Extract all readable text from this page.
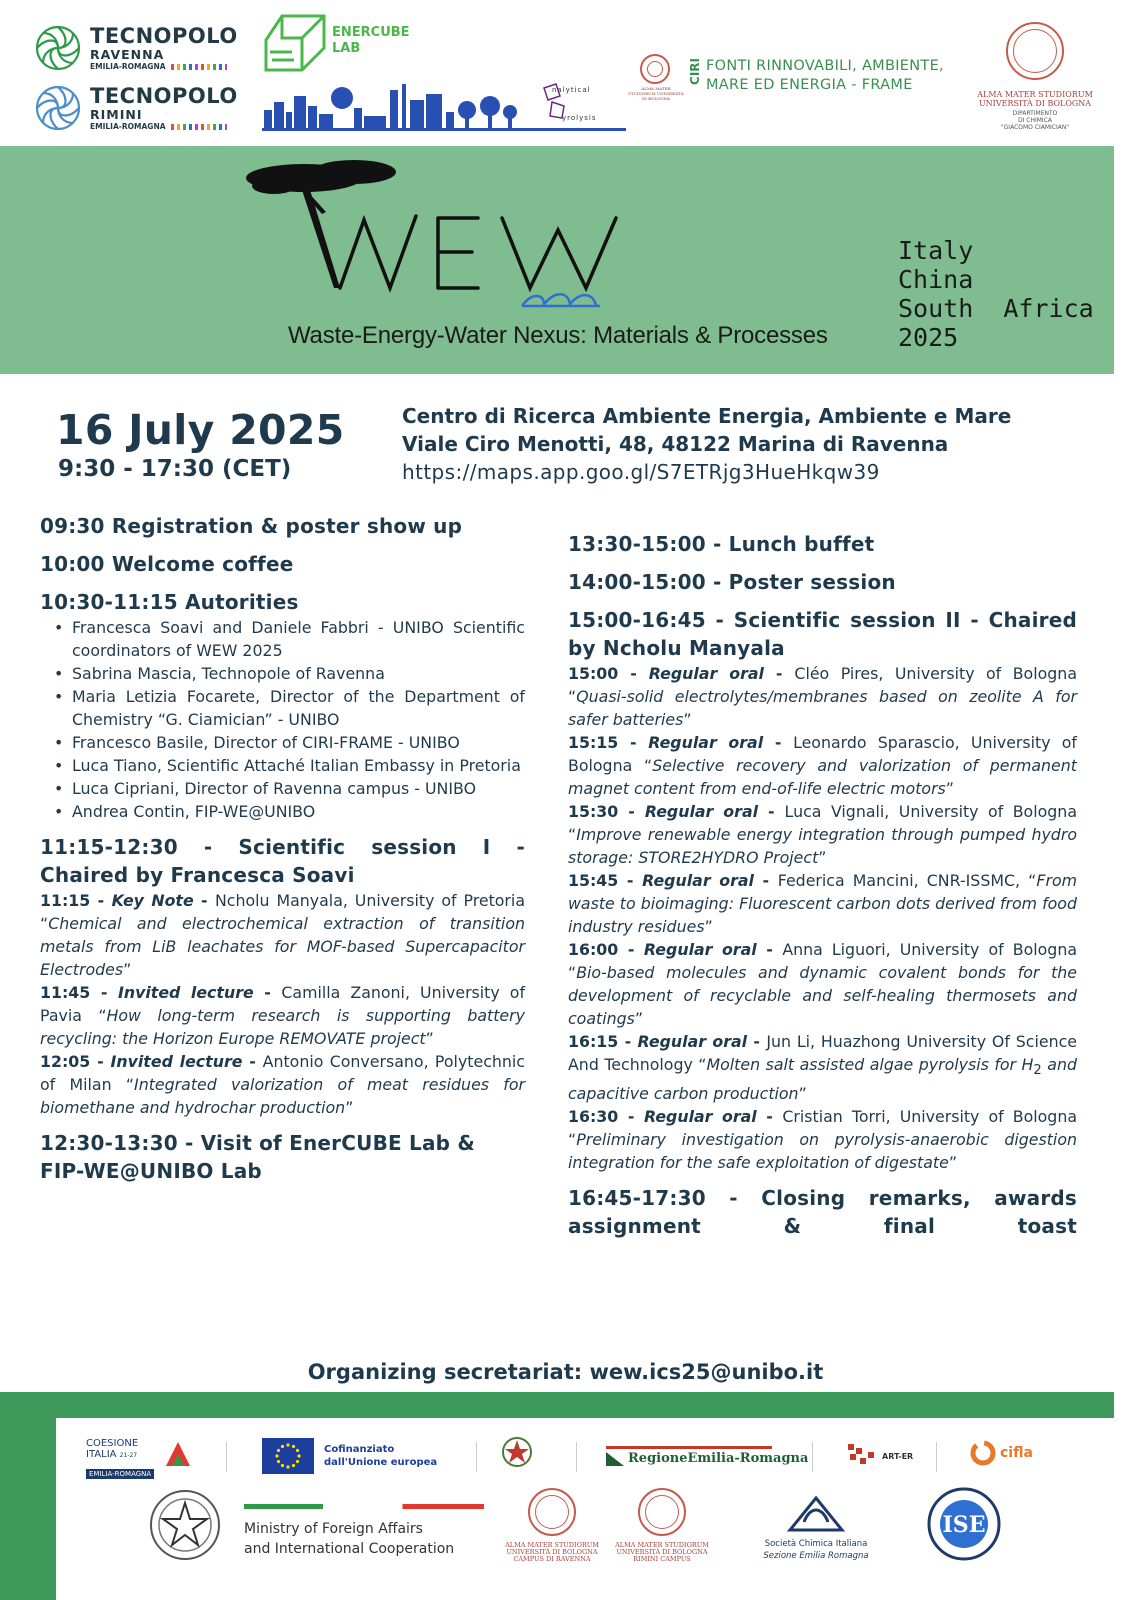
TECNOPOLO
RAVENNA
EMILIA-ROMAGNA
TECNOPOLO
RIMINI
EMILIA-ROMAGNA
ENERCUBE
LAB
nalytical
yrolysis
ALMA MATER STUDIORUM UNIVERSITÀ DI BOLOGNA
CIRI FONTI RINNOVABILI, AMBIENTE,
MARE ED ENERGIA - FRAME
ALMA MATER STUDIORUM
UNIVERSITÀ DI BOLOGNA
DIPARTIMENTO
DI CHIMICA
"GIACOMO CIAMICIAN"
WEW
Waste-Energy-Water Nexus: Materials & Processes
Italy
China
South  Africa
2025
16 July 2025
9:30 - 17:30 (CET)
Centro di Ricerca Ambiente Energia, Ambiente e Mare
Viale Ciro Menotti, 48, 48122 Marina di Ravenna
https://maps.app.goo.gl/S7ETRjg3HueHkqw39
09:30 Registration & poster show up
10:00 Welcome coffee
10:30-11:15 Autorities
• Francesca Soavi and Daniele Fabbri - UNIBO Scientific coordinators of WEW 2025
• Sabrina Mascia, Technopole of Ravenna
• Maria Letizia Focarete, Director of the Department of Chemistry “G. Ciamician” - UNIBO
• Francesco Basile, Director of CIRI-FRAME - UNIBO
• Luca Tiano, Scientific Attaché Italian Embassy in Pretoria
• Luca Cipriani, Director of Ravenna campus - UNIBO
• Andrea Contin, FIP-WE@UNIBO
11:15-12:30 - Scientific session I - Chaired by Francesca Soavi
11:15 - Key Note - Ncholu Manyala, University of Pretoria “Chemical and electrochemical extraction of transition metals from LiB leachates for MOF-based Supercapacitor Electrodes”
11:45 - Invited lecture - Camilla Zanoni, University of Pavia “How long-term research is supporting battery recycling: the Horizon Europe REMOVATE project”
12:05 - Invited lecture - Antonio Conversano, Polytechnic of Milan “Integrated valorization of meat residues for biomethane and hydrochar production”
12:30-13:30 - Visit of EnerCUBE Lab & FIP-WE@UNIBO Lab
13:30-15:00 - Lunch buffet
14:00-15:00 - Poster session
15:00-16:45 - Scientific session II - Chaired by Ncholu Manyala
15:00 - Regular oral - Cléo Pires, University of Bologna “Quasi-solid electrolytes/membranes based on zeolite A for safer batteries”
15:15 - Regular oral - Leonardo Sparascio, University of Bologna “Selective recovery and valorization of permanent magnet content from end-of-life electric motors”
15:30 - Regular oral - Luca Vignali, University of Bologna “Improve renewable energy integration through pumped hydro storage: STORE2HYDRO Project”
15:45 - Regular oral - Federica Mancini, CNR-ISSMC, “From waste to bioimaging: Fluorescent carbon dots derived from food industry residues”
16:00 - Regular oral - Anna Liguori, University of Bologna “Bio-based molecules and dynamic covalent bonds for the development of recyclable and self-healing thermosets and coatings”
16:15 - Regular oral - Jun Li, Huazhong University Of Science And Technology “Molten salt assisted algae pyrolysis for $H_2$ and capacitive carbon production”
16:30 - Regular oral - Cristian Torri, University of Bologna “Preliminary investigation on pyrolysis-anaerobic digestion integration for the safe exploitation of digestate”
16:45-17:30 - Closing remarks, awards assignment & final toast
Organizing secretariat: wew.ics25@unibo.it
COESIONE
ITALIA 21-27
EMILIA-ROMAGNA
Cofinanziato
dall'Unione europea	RegioneEmilia-Romagna	ART-ER	cifla
Ministry of Foreign Affairs
and International Cooperation	ALMA MATER STUDIORUM UNIVERSITÀ DI BOLOGNA CAMPUS DI RAVENNA
ALMA MATER STUDIORUM UNIVERSITÀ DI BOLOGNA RIMINI CAMPUS
Società Chimica Italiana
Sezione Emilia Romagna
ISE
